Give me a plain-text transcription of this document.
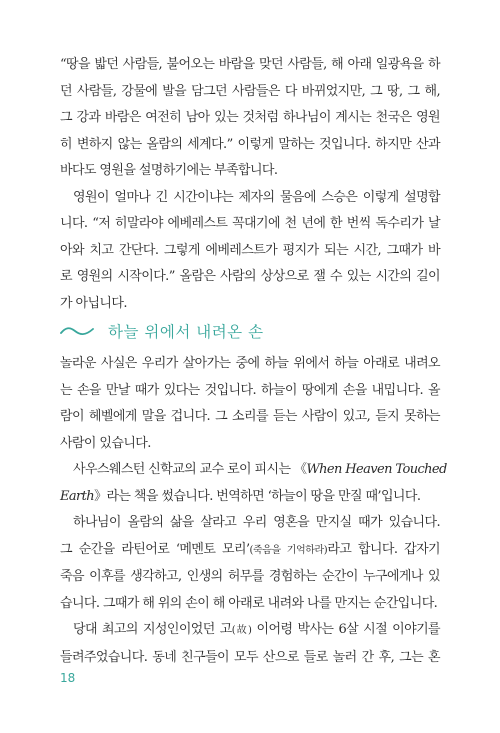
“땅을 밟던 사람들, 불어오는 바람을 맞던 사람들, 해 아래 일광욕을 하
던 사람들, 강물에 발을 담그던 사람들은 다 바뀌었지만, 그 땅, 그 해,
그 강과 바람은 여전히 남아 있는 것처럼 하나님이 계시는 천국은 영원
히 변하지 않는 올람의 세계다.” 이렇게 말하는 것입니다. 하지만 산과
바다도 영원을 설명하기에는 부족합니다.

영원이 얼마나 긴 시간이냐는 제자의 물음에 스승은 이렇게 설명합
니다. “저 히말라야 에베레스트 꼭대기에 천 년에 한 번씩 독수리가 날
아와 치고 간단다. 그렇게 에베레스트가 평지가 되는 시간, 그때가 바
로 영원의 시작이다.” 올람은 사람의 상상으로 잴 수 있는 시간의 길이
가 아닙니다.

하늘 위에서 내려온 손

놀라운 사실은 우리가 살아가는 중에 하늘 위에서 하늘 아래로 내려오
는 손을 만날 때가 있다는 것입니다. 하늘이 땅에게 손을 내밉니다. 올
람이 헤벨에게 말을 겁니다. 그 소리를 듣는 사람이 있고, 듣지 못하는
사람이 있습니다.

사우스웨스턴 신학교의 교수 로이 피시는 《When Heaven Touched
Earth》라는 책을 썼습니다. 번역하면 ‘하늘이 땅을 만질 때’입니다.

하나님이 올람의 삶을 살라고 우리 영혼을 만지실 때가 있습니다.
그 순간을 라틴어로 ‘메멘토 모리’(죽음을 기억하라)라고 합니다. 갑자기
죽음 이후를 생각하고, 인생의 허무를 경험하는 순간이 누구에게나 있
습니다. 그때가 해 위의 손이 해 아래로 내려와 나를 만지는 순간입니다.

당대 최고의 지성인이었던 고(故) 이어령 박사는 6살 시절 이야기를
들려주었습니다. 동네 친구들이 모두 산으로 들로 놀러 간 후, 그는 혼

18
